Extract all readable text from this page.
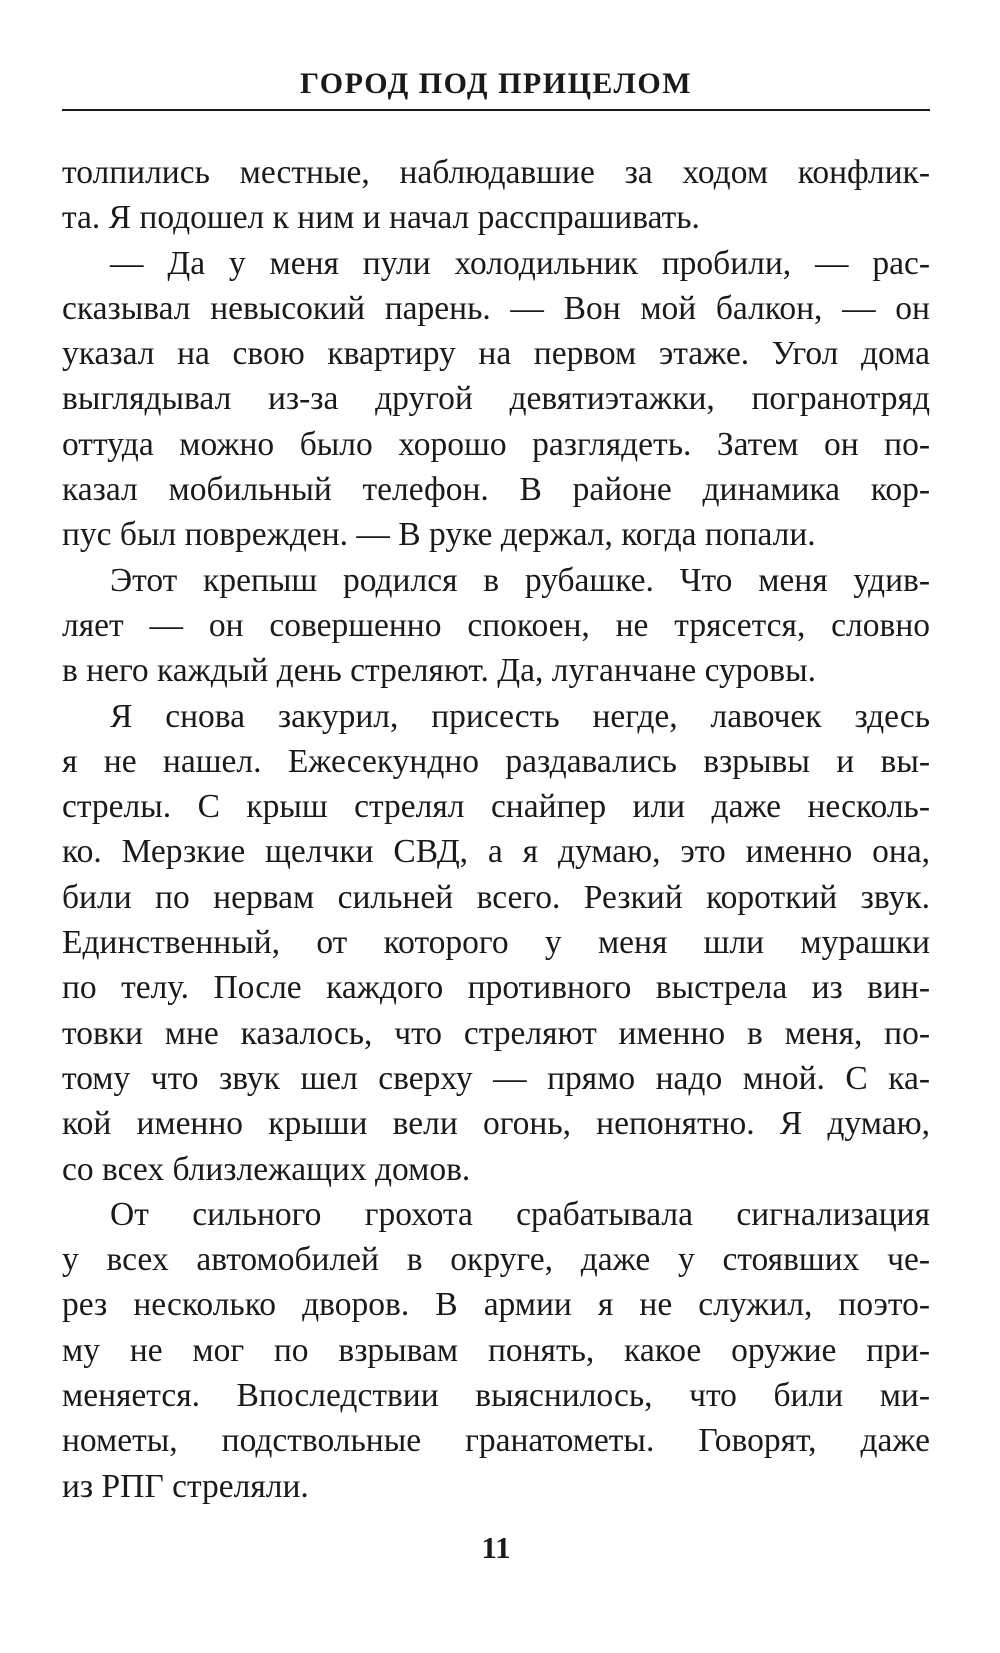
ГОРОД ПОД ПРИЦЕЛОМ
толпились местные, наблюдавшие за ходом конфлик-
та. Я подошел к ним и начал расспрашивать.
— Да у меня пули холодильник пробили, — рас-
сказывал невысокий парень. — Вон мой балкон, — он
указал на свою квартиру на первом этаже. Угол дома
выглядывал из-за другой девятиэтажки, погранотряд
оттуда можно было хорошо разглядеть. Затем он по-
казал мобильный телефон. В районе динамика кор-
пус был поврежден. — В руке держал, когда попали.
Этот крепыш родился в рубашке. Что меня удив-
ляет — он совершенно спокоен, не трясется, словно
в него каждый день стреляют. Да, луганчане суровы.
Я снова закурил, присесть негде, лавочек здесь
я не нашел. Ежесекундно раздавались взрывы и вы-
стрелы. С крыш стрелял снайпер или даже несколь-
ко. Мерзкие щелчки СВД, а я думаю, это именно она,
били по нервам сильней всего. Резкий короткий звук.
Единственный, от которого у меня шли мурашки
по телу. После каждого противного выстрела из вин-
товки мне казалось, что стреляют именно в меня, по-
тому что звук шел сверху — прямо надо мной. С ка-
кой именно крыши вели огонь, непонятно. Я думаю,
со всех близлежащих домов.
От сильного грохота срабатывала сигнализация
у всех автомобилей в округе, даже у стоявших че-
рез несколько дворов. В армии я не служил, поэто-
му не мог по взрывам понять, какое оружие при-
меняется. Впоследствии выяснилось, что били ми-
нометы, подствольные гранатометы. Говорят, даже
из РПГ стреляли.
11
